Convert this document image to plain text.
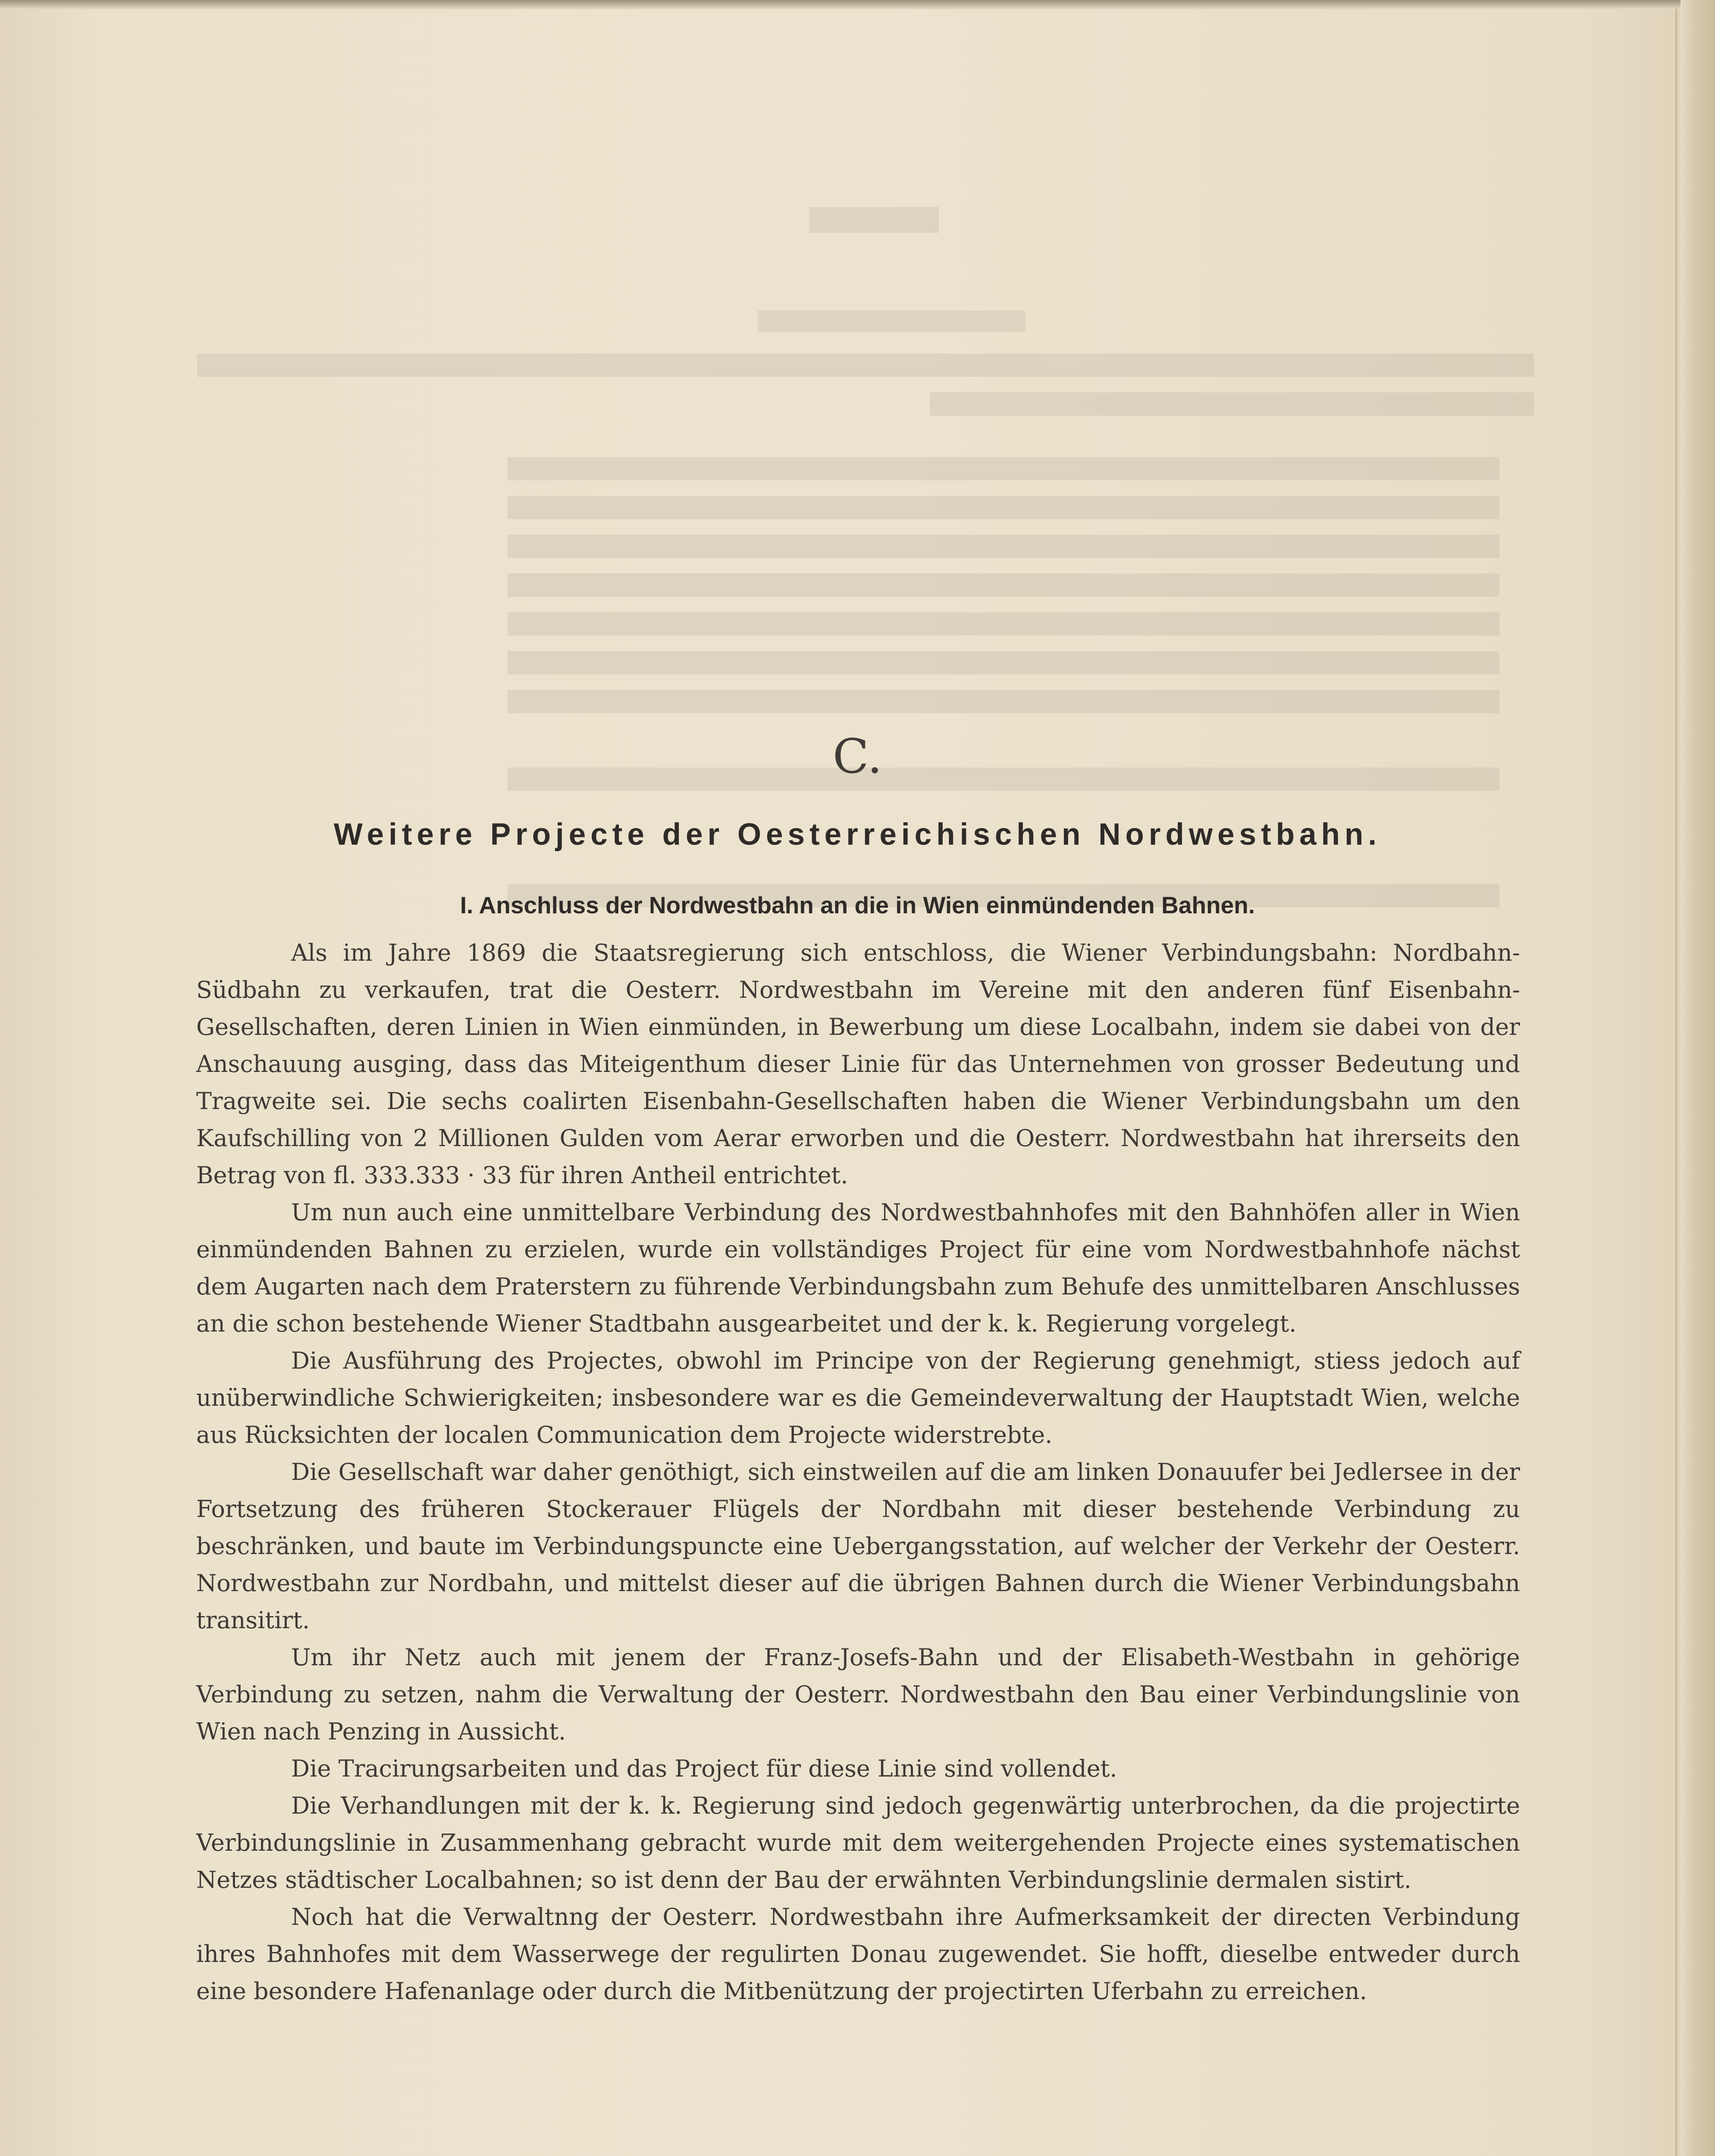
C.
Weitere Projecte der Oesterreichischen Nordwestbahn.
I. Anschluss der Nordwestbahn an die in Wien einmündenden Bahnen.

Als im Jahre 1869 die Staatsregierung sich entschloss, die Wiener Verbindungsbahn: Nordbahn-Südbahn zu verkaufen, trat die Oesterr. Nordwestbahn im Vereine mit den anderen fünf Eisenbahn-Gesellschaften, deren Linien in Wien einmünden, in Bewerbung um diese Localbahn, indem sie dabei von der Anschauung ausging, dass das Miteigenthum dieser Linie für das Unternehmen von grosser Bedeutung und Tragweite sei. Die sechs coalirten Eisenbahn-Gesellschaften haben die Wiener Verbindungsbahn um den Kaufschilling von 2 Millionen Gulden vom Aerar erworben und die Oesterr. Nordwestbahn hat ihrerseits den Betrag von fl. 333.333 · 33 für ihren Antheil entrichtet.

Um nun auch eine unmittelbare Verbindung des Nordwestbahnhofes mit den Bahnhöfen aller in Wien einmündenden Bahnen zu erzielen, wurde ein vollständiges Project für eine vom Nordwestbahnhofe nächst dem Augarten nach dem Praterstern zu führende Verbindungsbahn zum Behufe des unmittelbaren Anschlusses an die schon bestehende Wiener Stadtbahn ausgearbeitet und der k. k. Regierung vorgelegt.

Die Ausführung des Projectes, obwohl im Principe von der Regierung genehmigt, stiess jedoch auf unüberwindliche Schwierigkeiten; insbesondere war es die Gemeindeverwaltung der Hauptstadt Wien, welche aus Rücksichten der localen Communication dem Projecte widerstrebte.

Die Gesellschaft war daher genöthigt, sich einstweilen auf die am linken Donauufer bei Jedlersee in der Fortsetzung des früheren Stockerauer Flügels der Nordbahn mit dieser bestehende Verbindung zu beschränken, und baute im Verbindungspuncte eine Uebergangsstation, auf welcher der Verkehr der Oesterr. Nordwestbahn zur Nordbahn, und mittelst dieser auf die übrigen Bahnen durch die Wiener Verbindungsbahn transitirt.

Um ihr Netz auch mit jenem der Franz-Josefs-Bahn und der Elisabeth-Westbahn in gehörige Verbindung zu setzen, nahm die Verwaltung der Oesterr. Nordwestbahn den Bau einer Verbindungslinie von Wien nach Penzing in Aussicht.

Die Tracirungsarbeiten und das Project für diese Linie sind vollendet.

Die Verhandlungen mit der k. k. Regierung sind jedoch gegenwärtig unterbrochen, da die projectirte Verbindungslinie in Zusammenhang gebracht wurde mit dem weitergehenden Projecte eines systematischen Netzes städtischer Localbahnen; so ist denn der Bau der erwähnten Verbindungslinie dermalen sistirt.

Noch hat die Verwaltnng der Oesterr. Nordwestbahn ihre Aufmerksamkeit der directen Verbindung ihres Bahnhofes mit dem Wasserwege der regulirten Donau zugewendet. Sie hofft, dieselbe entweder durch eine besondere Hafenanlage oder durch die Mitbenützung der projectirten Uferbahn zu erreichen.
